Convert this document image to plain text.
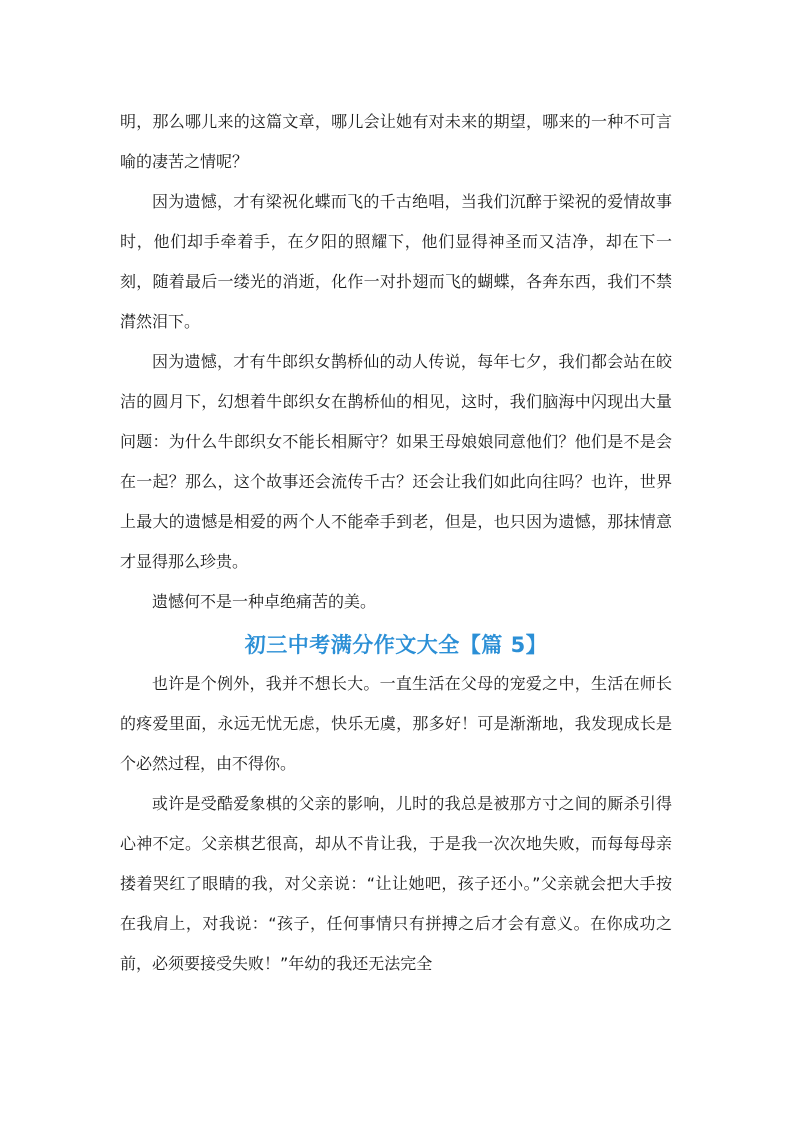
明，那么哪儿来的这篇文章，哪儿会让她有对未来的期望，哪来的一种不可言喻的凄苦之情呢？

因为遗憾，才有梁祝化蝶而飞的千古绝唱，当我们沉醉于梁祝的爱情故事时，他们却手牵着手，在夕阳的照耀下，他们显得神圣而又洁净，却在下一刻，随着最后一缕光的消逝，化作一对扑翅而飞的蝴蝶，各奔东西，我们不禁潸然泪下。

因为遗憾，才有牛郎织女鹊桥仙的动人传说，每年七夕，我们都会站在皎洁的圆月下，幻想着牛郎织女在鹊桥仙的相见，这时，我们脑海中闪现出大量问题：为什么牛郎织女不能长相厮守？如果王母娘娘同意他们？他们是不是会在一起？那么，这个故事还会流传千古？还会让我们如此向往吗？也许，世界上最大的遗憾是相爱的两个人不能牵手到老，但是，也只因为遗憾，那抹情意才显得那么珍贵。

遗憾何不是一种卓绝痛苦的美。

初三中考满分作文大全【篇 5】

也许是个例外，我并不想长大。一直生活在父母的宠爱之中，生活在师长的疼爱里面，永远无忧无虑，快乐无虞，那多好！可是渐渐地，我发现成长是个必然过程，由不得你。

或许是受酷爱象棋的父亲的影响，儿时的我总是被那方寸之间的厮杀引得心神不定。父亲棋艺很高，却从不肯让我，于是我一次次地失败，而每每母亲搂着哭红了眼睛的我，对父亲说：“让让她吧，孩子还小。”父亲就会把大手按在我肩上，对我说：“孩子，任何事情只有拼搏之后才会有意义。在你成功之前，必须要接受失败！”年幼的我还无法完全
